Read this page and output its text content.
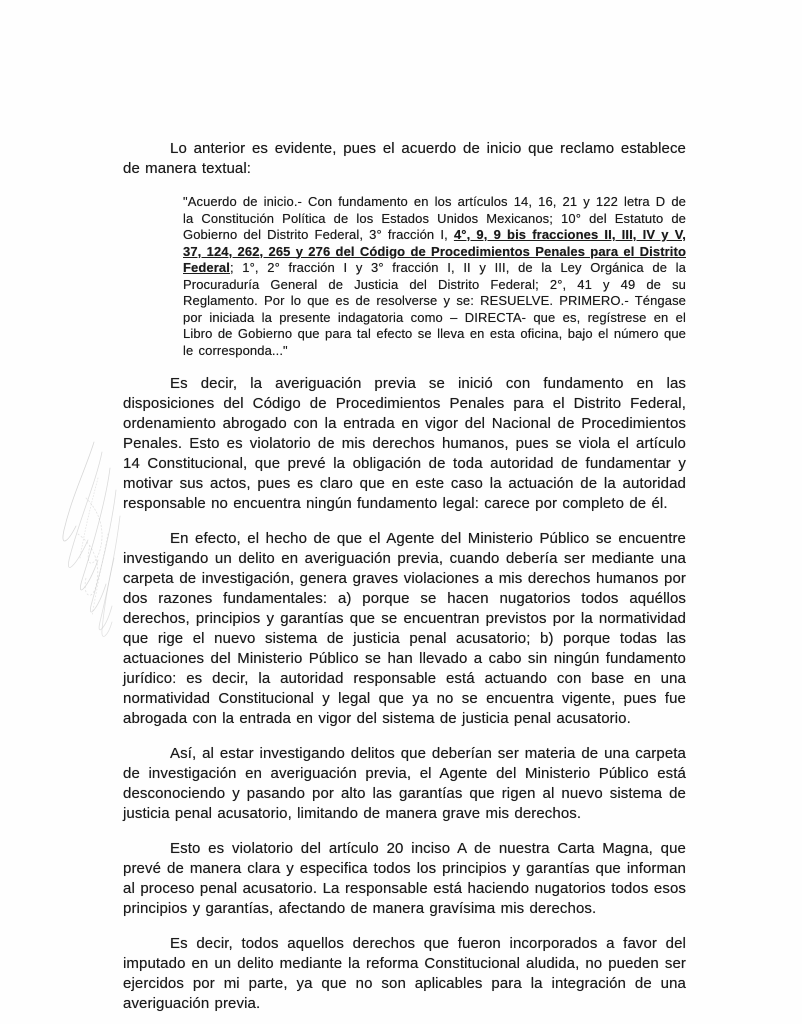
Lo anterior es evidente, pues el acuerdo de inicio que reclamo establece de manera textual:

"Acuerdo de inicio.- Con fundamento en los artículos 14, 16, 21 y 122 letra D de la Constitución Política de los Estados Unidos Mexicanos; 10° del Estatuto de Gobierno del Distrito Federal, 3° fracción I, 4°, 9, 9 bis fracciones II, III, IV y V, 37, 124, 262, 265 y 276 del Código de Procedimientos Penales para el Distrito Federal; 1°, 2° fracción I y 3° fracción I, II y III, de la Ley Orgánica de la Procuraduría General de Justicia del Distrito Federal; 2°, 41 y 49 de su Reglamento. Por lo que es de resolverse y se: RESUELVE. PRIMERO.- Téngase por iniciada la presente indagatoria como – DIRECTA- que es, regístrese en el Libro de Gobierno que para tal efecto se lleva en esta oficina, bajo el número que le corresponda..."

Es decir, la averiguación previa se inició con fundamento en las disposiciones del Código de Procedimientos Penales para el Distrito Federal, ordenamiento abrogado con la entrada en vigor del Nacional de Procedimientos Penales. Esto es violatorio de mis derechos humanos, pues se viola el artículo 14 Constitucional, que prevé la obligación de toda autoridad de fundamentar y motivar sus actos, pues es claro que en este caso la actuación de la autoridad responsable no encuentra ningún fundamento legal: carece por completo de él.

En efecto, el hecho de que el Agente del Ministerio Público se encuentre investigando un delito en averiguación previa, cuando debería ser mediante una carpeta de investigación, genera graves violaciones a mis derechos humanos por dos razones fundamentales: a) porque se hacen nugatorios todos aquéllos derechos, principios y garantías que se encuentran previstos por la normatividad que rige el nuevo sistema de justicia penal acusatorio; b) porque todas las actuaciones del Ministerio Público se han llevado a cabo sin ningún fundamento jurídico: es decir, la autoridad responsable está actuando con base en una normatividad Constitucional y legal que ya no se encuentra vigente, pues fue abrogada con la entrada en vigor del sistema de justicia penal acusatorio.

Así, al estar investigando delitos que deberían ser materia de una carpeta de investigación en averiguación previa, el Agente del Ministerio Público está desconociendo y pasando por alto las garantías que rigen al nuevo sistema de justicia penal acusatorio, limitando de manera grave mis derechos.

Esto es violatorio del artículo 20 inciso A de nuestra Carta Magna, que prevé de manera clara y especifica todos los principios y garantías que informan al proceso penal acusatorio. La responsable está haciendo nugatorios todos esos principios y garantías, afectando de manera gravísima mis derechos.

Es decir, todos aquellos derechos que fueron incorporados a favor del imputado en un delito mediante la reforma Constitucional aludida, no pueden ser ejercidos por mi parte, ya que no son aplicables para la integración de una averiguación previa.
